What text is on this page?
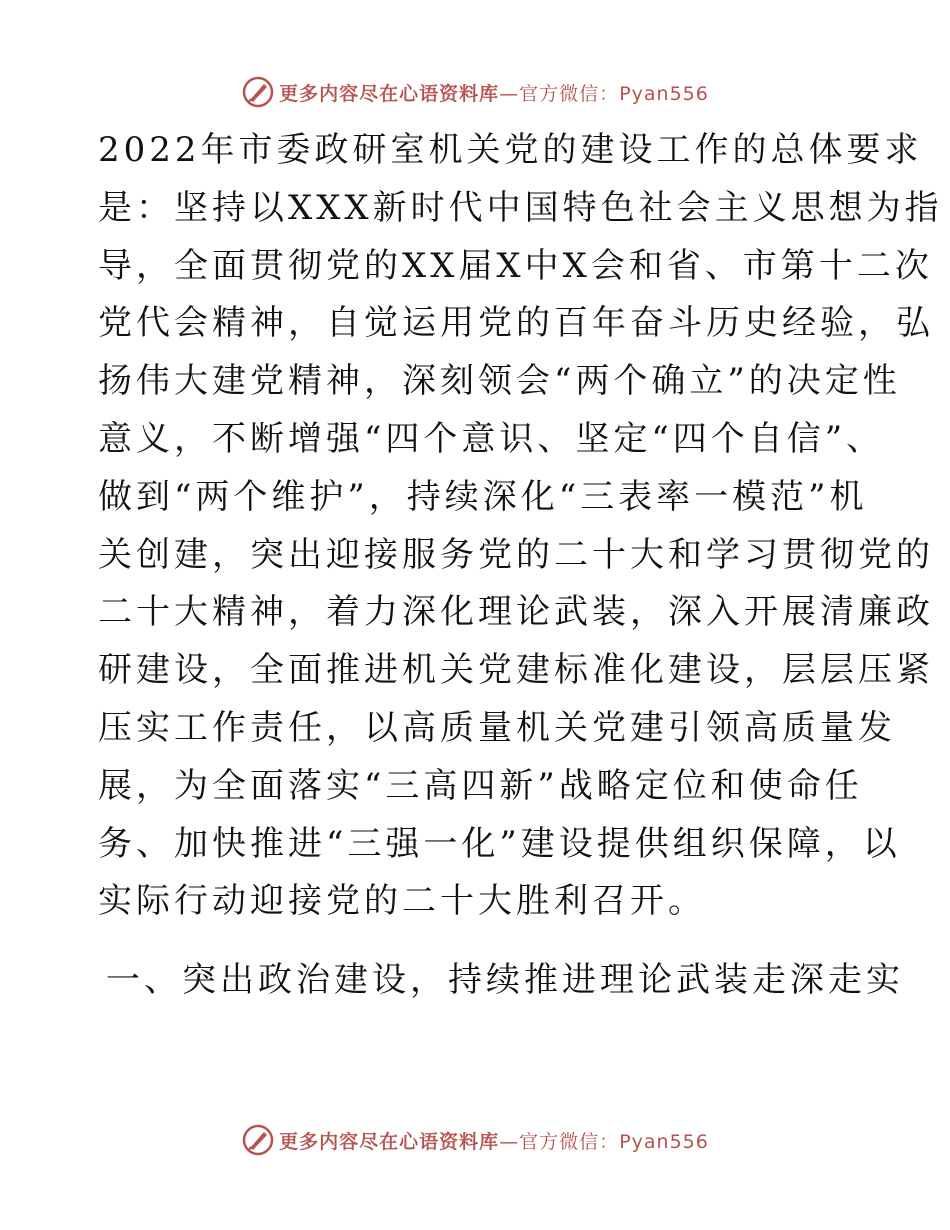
更多内容尽在心语资料库—官方微信：Pyan556
2022年市委政研室机关党的建设工作的总体要求
是：坚持以XXX新时代中国特色社会主义思想为指
导，全面贯彻党的XX届X中X会和省、市第十二次
党代会精神，自觉运用党的百年奋斗历史经验，弘
扬伟大建党精神，深刻领会“两个确立”的决定性
意义，不断增强“四个意识、坚定“四个自信”、
做到“两个维护”，持续深化“三表率一模范”机
关创建，突出迎接服务党的二十大和学习贯彻党的
二十大精神，着力深化理论武装，深入开展清廉政
研建设，全面推进机关党建标准化建设，层层压紧
压实工作责任，以高质量机关党建引领高质量发
展，为全面落实“三高四新”战略定位和使命任
务、加快推进“三强一化”建设提供组织保障，以
实际行动迎接党的二十大胜利召开。
一、突出政治建设，持续推进理论武装走深走实
更多内容尽在心语资料库—官方微信：Pyan556
